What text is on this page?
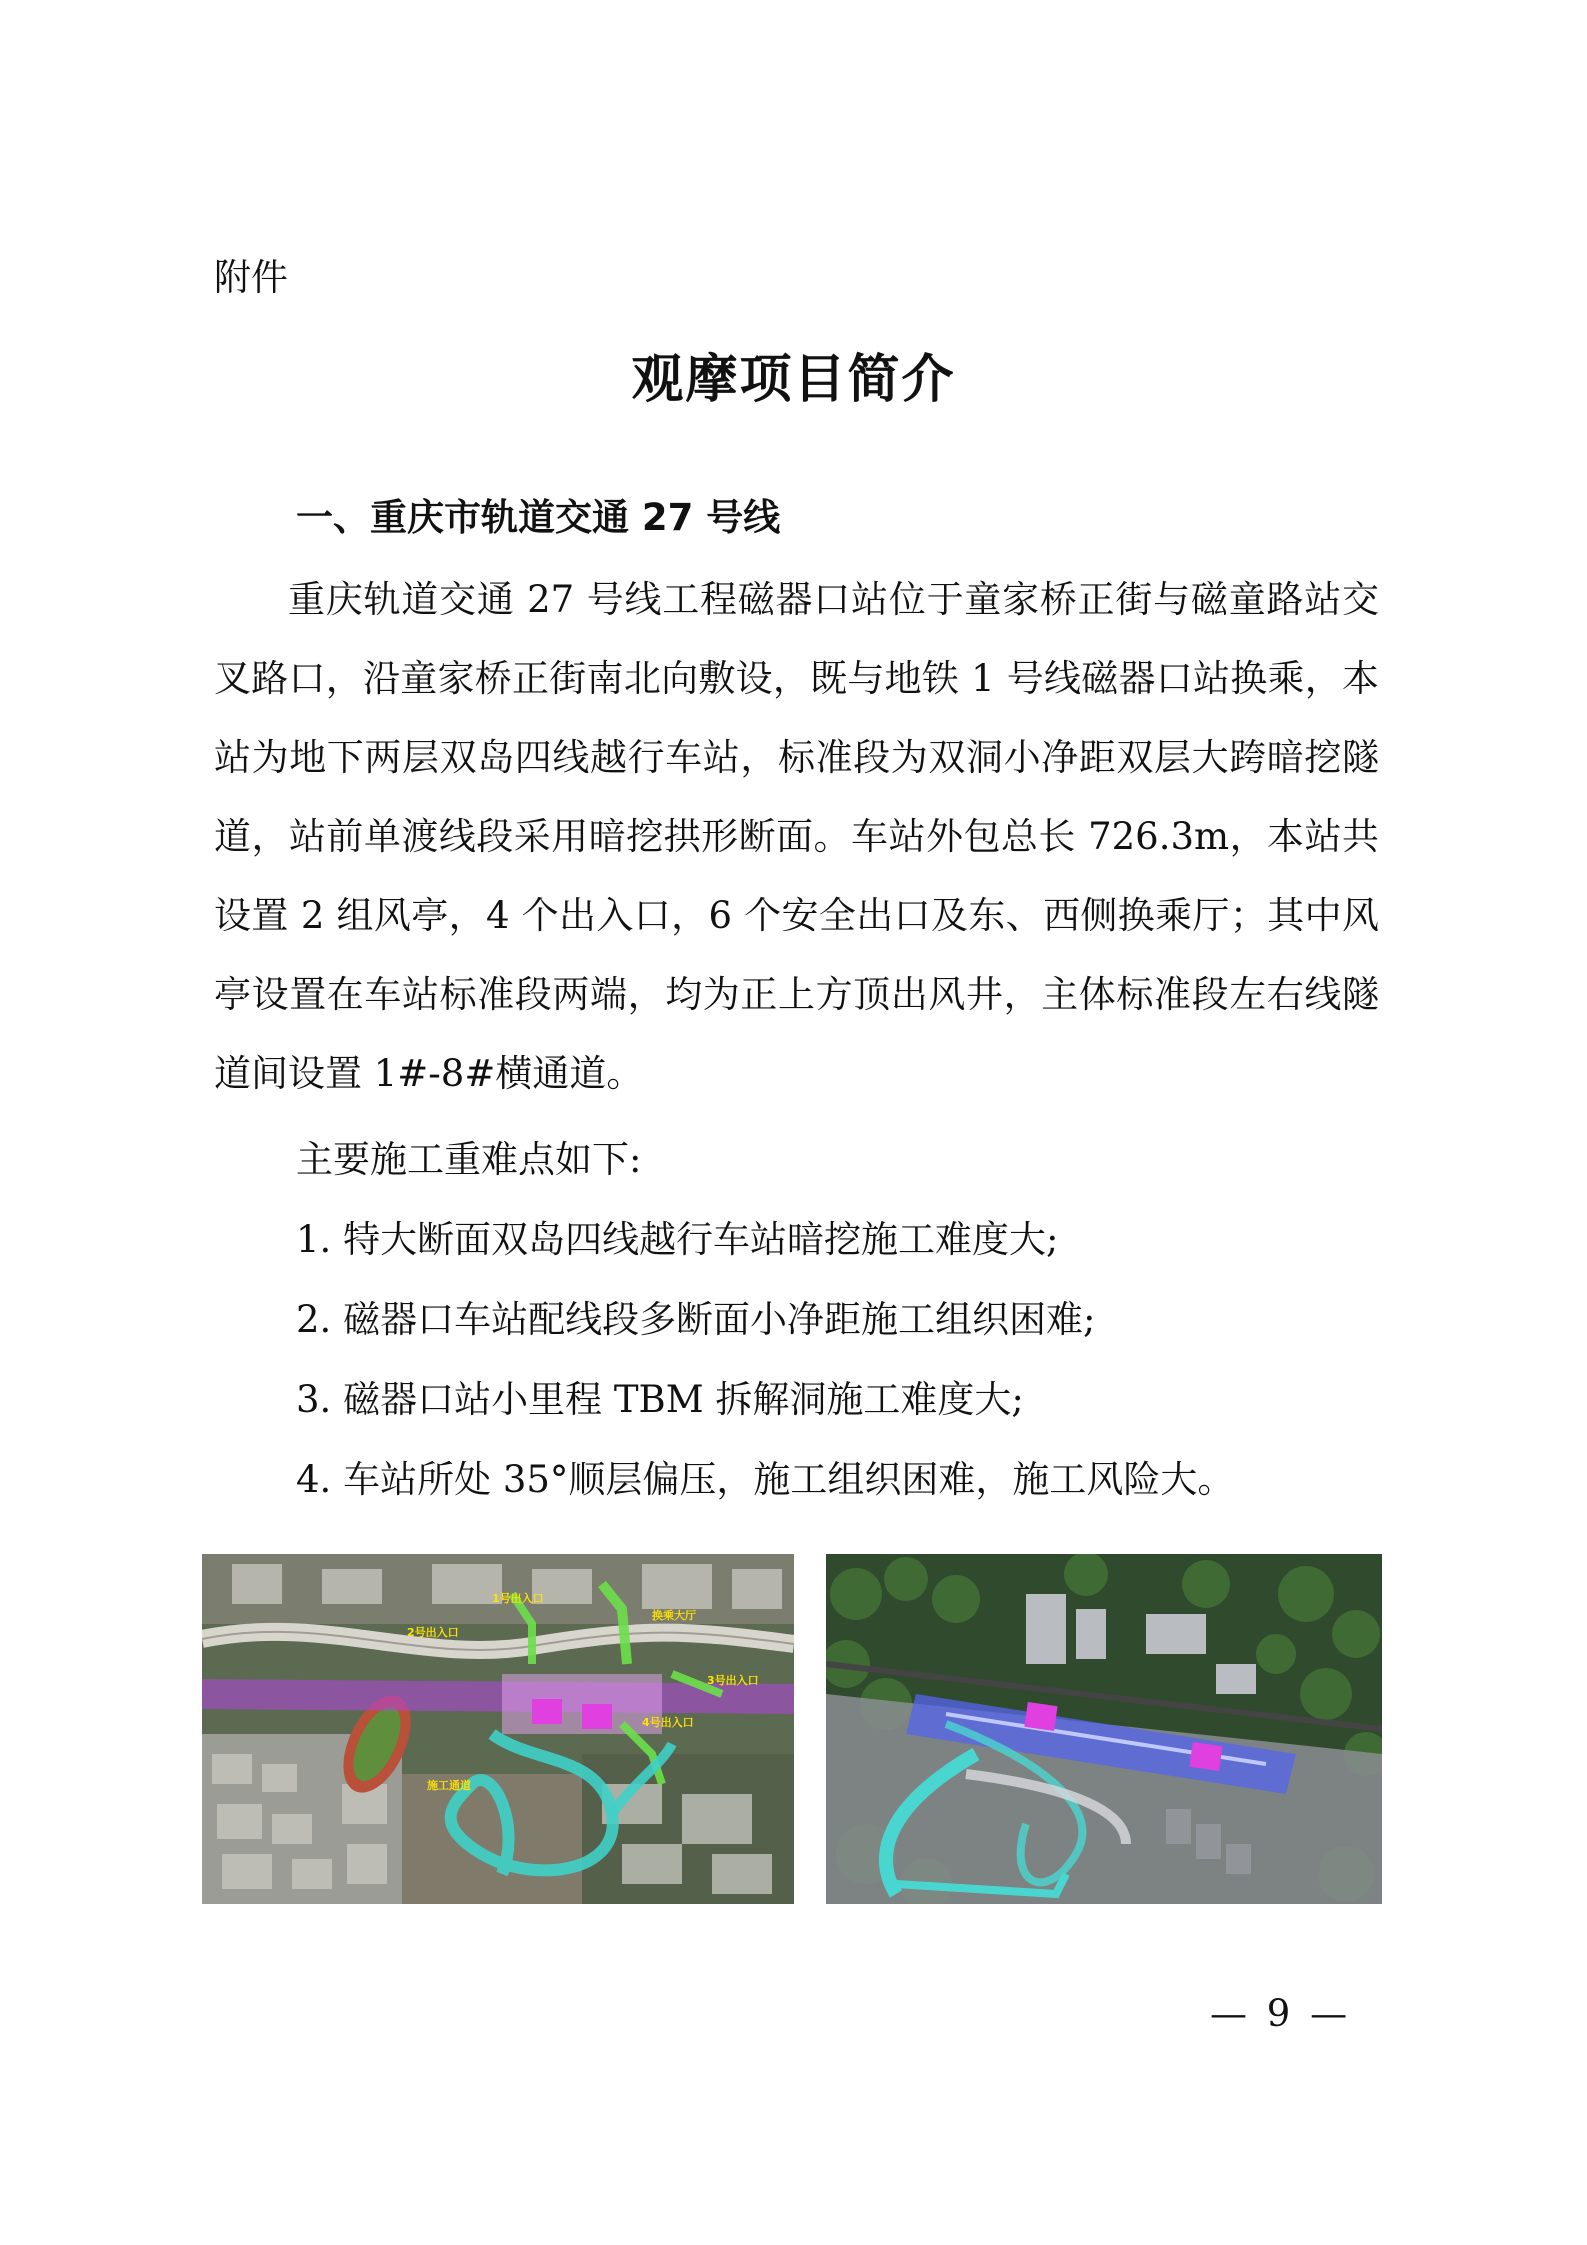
附件
观摩项目简介
一、重庆市轨道交通 27 号线

重庆轨道交通 27 号线工程磁器口站位于童家桥正街与磁童路站交叉路口，沿童家桥正街南北向敷设，既与地铁 1 号线磁器口站换乘，本站为地下两层双岛四线越行车站，标准段为双洞小净距双层大跨暗挖隧道，站前单渡线段采用暗挖拱形断面。车站外包总长 726.3m，本站共设置 2 组风亭，4 个出入口，6 个安全出口及东、西侧换乘厅；其中风亭设置在车站标准段两端，均为正上方顶出风井，主体标准段左右线隧道间设置 1#-8#横通道。

主要施工重难点如下:
1. 特大断面双岛四线越行车站暗挖施工难度大;
2. 磁器口车站配线段多断面小净距施工组织困难;
3. 磁器口站小里程 TBM 拆解洞施工难度大;
4. 车站所处 35°顺层偏压，施工组织困难，施工风险大。
1号出入口
2号出入口
4号出入口
3号出入口
换乘大厅
施工通道
— 9 —
